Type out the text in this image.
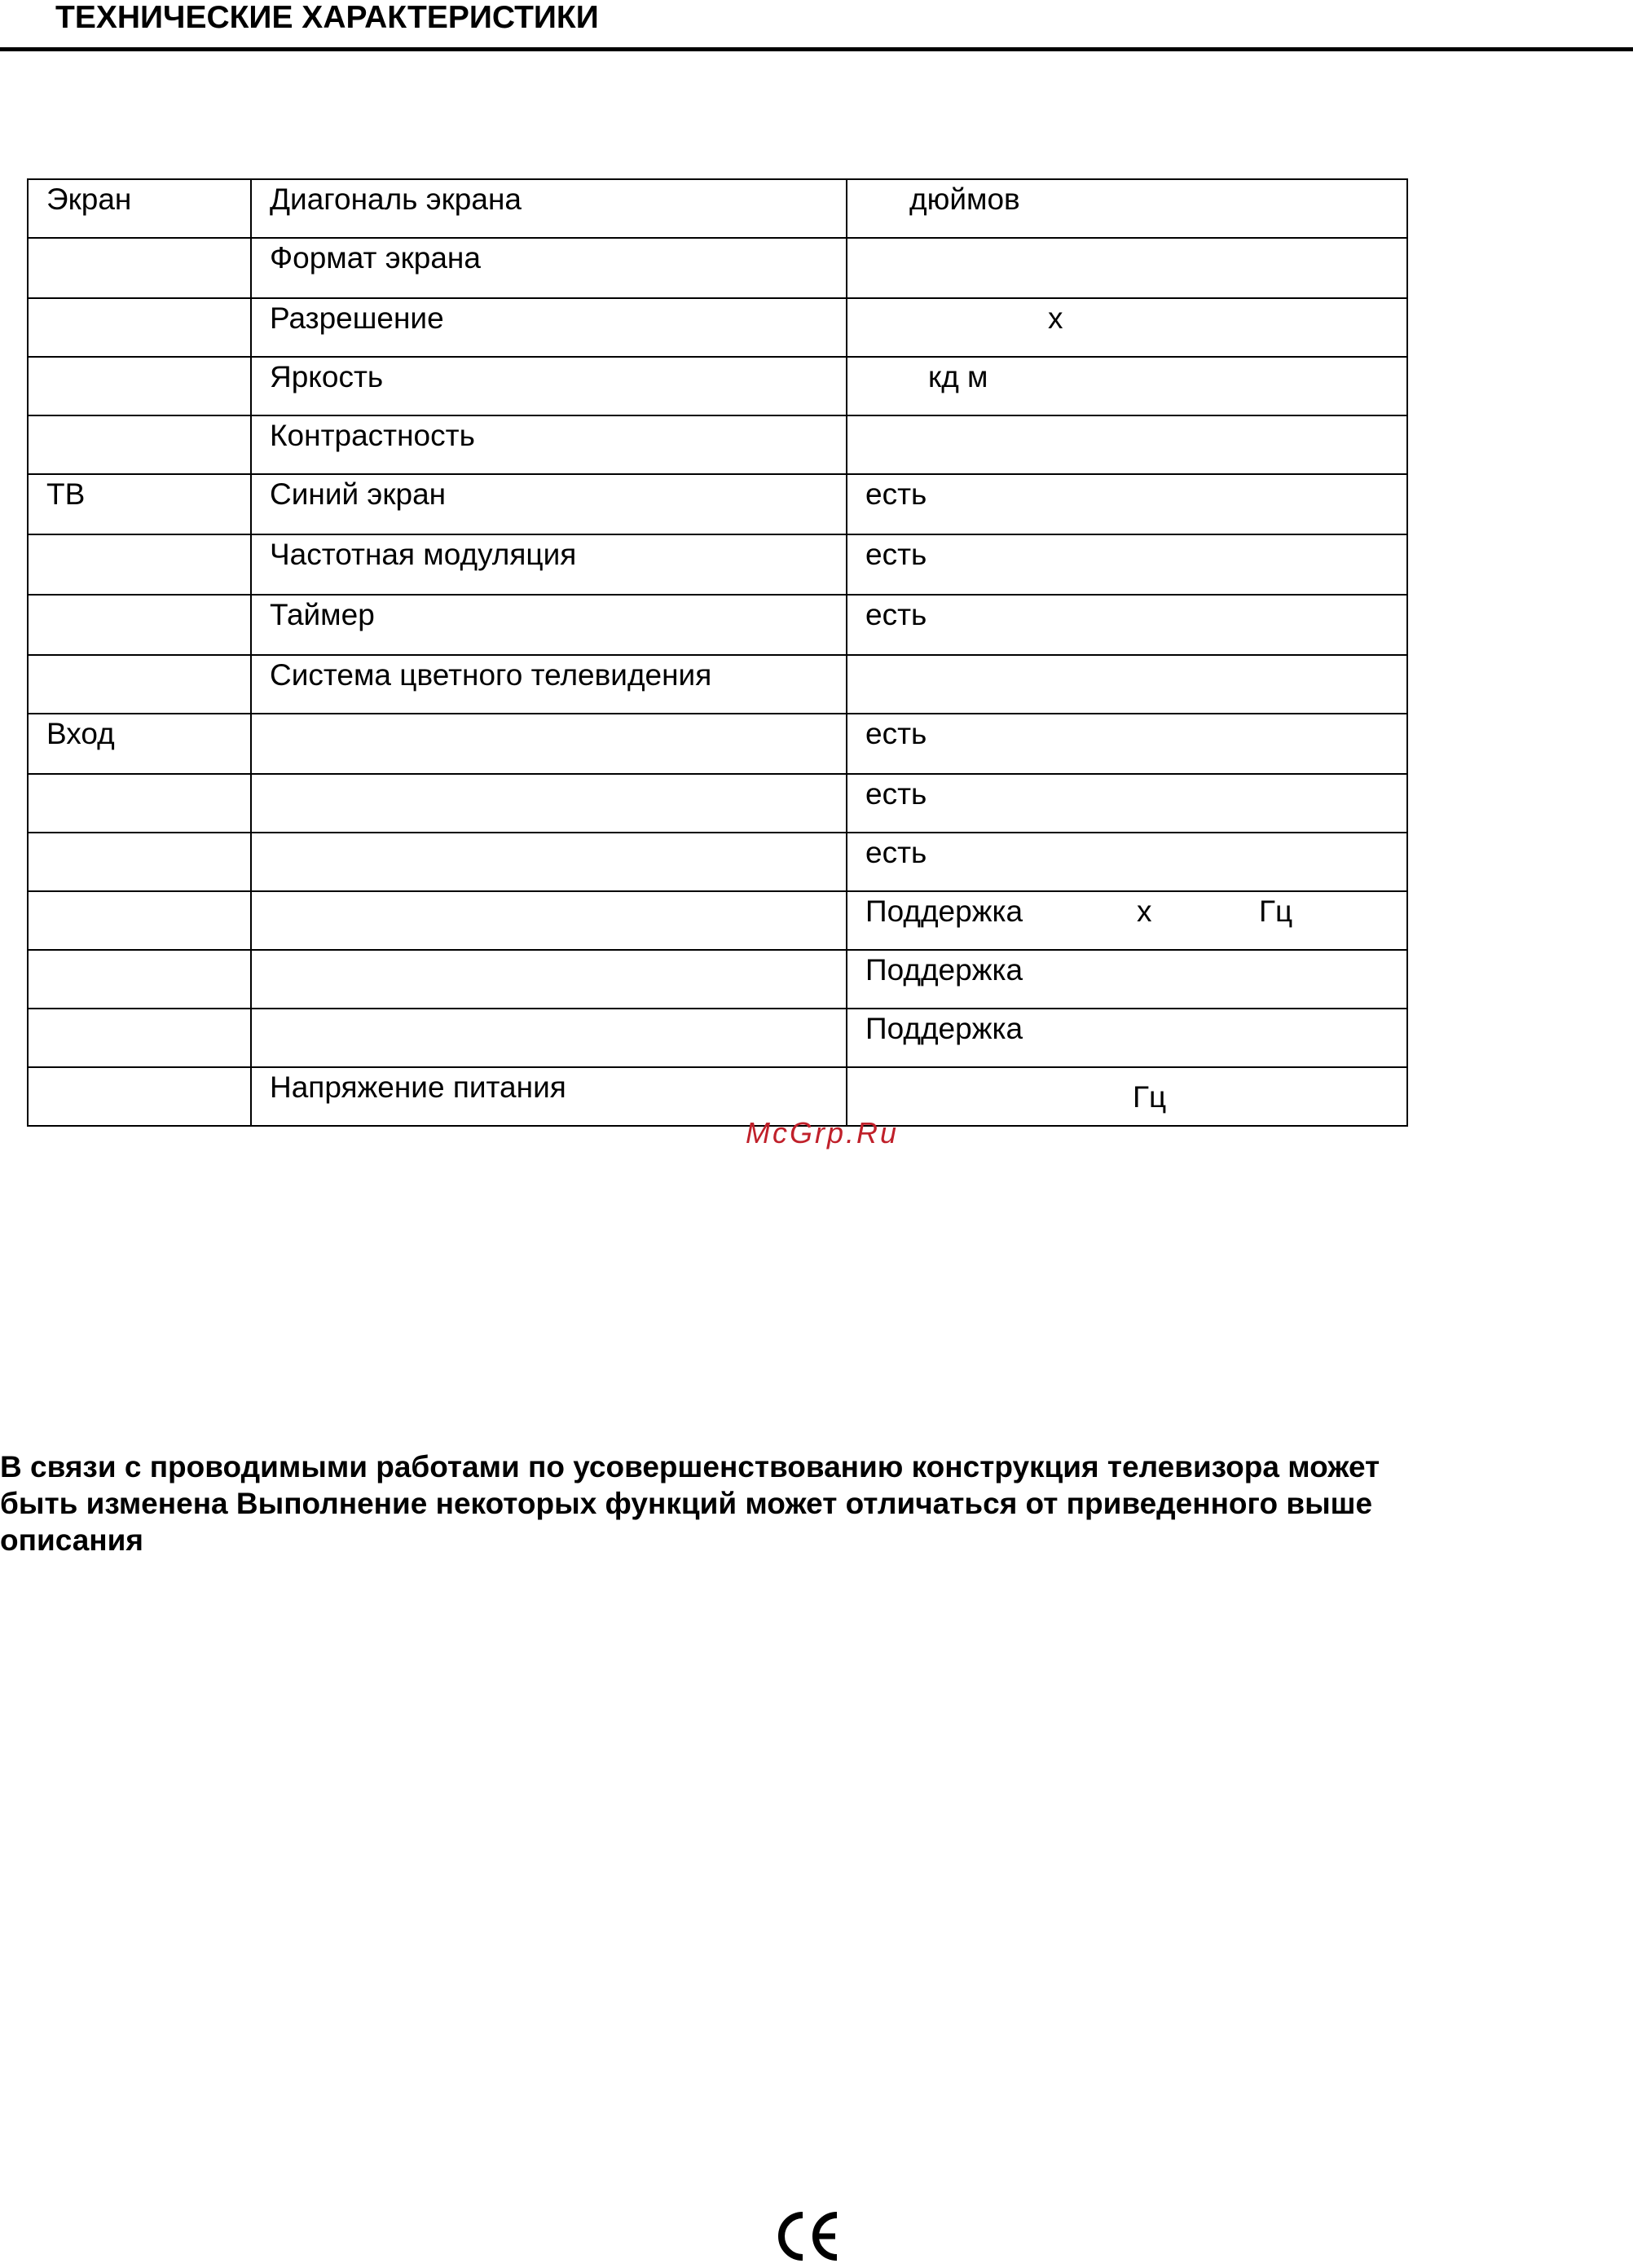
ТЕХНИЧЕСКИЕ ХАРАКТЕРИСТИКИ
Экран	Диагональ экрана	дюймов

	Формат экрана	
	Разрешение	х

	Яркость	кд м

	Контрастность	
ТВ	Синий экран	есть

	Частотная модуляция	есть

	Таймер	есть

	Система цветного телевидения	
Вход		есть

		есть

		есть

		Поддержка х Гц

		Поддержка

		Поддержка

	Напряжение питания	Гц
McGrp.Ru
В связи с проводимыми работами по усовершенствованию конструкция телевизора может
быть изменена Выполнение некоторых функций может отличаться от приведенного выше
описания
